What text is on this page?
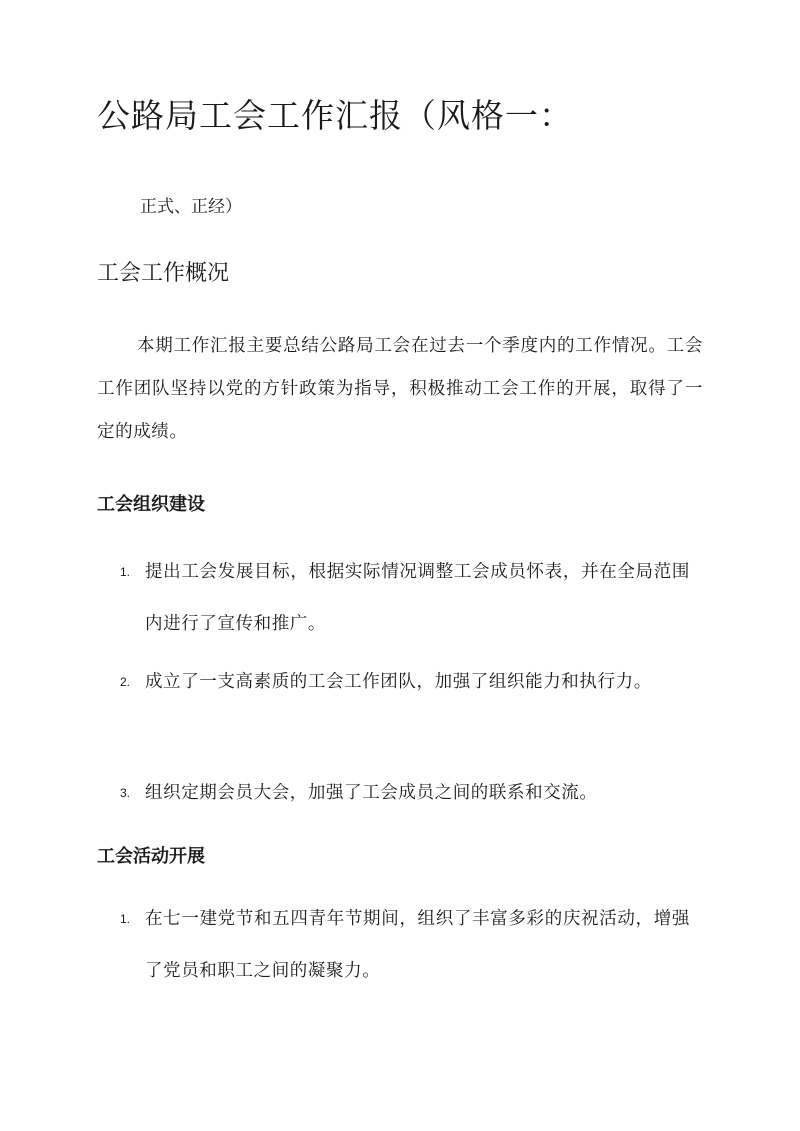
公路局工会工作汇报（风格一：
正式、正经）
工会工作概况

本期工作汇报主要总结公路局工会在过去一个季度内的工作情况。工会工作团队坚持以党的方针政策为指导，积极推动工会工作的开展，取得了一定的成绩。

工会组织建设
1. 提出工会发展目标，根据实际情况调整工会成员怀表，并在全局范围内进行了宣传和推广。
2. 成立了一支高素质的工会工作团队，加强了组织能力和执行力。
3. 组织定期会员大会，加强了工会成员之间的联系和交流。
工会活动开展
1. 在七一建党节和五四青年节期间，组织了丰富多彩的庆祝活动，增强了党员和职工之间的凝聚力。
